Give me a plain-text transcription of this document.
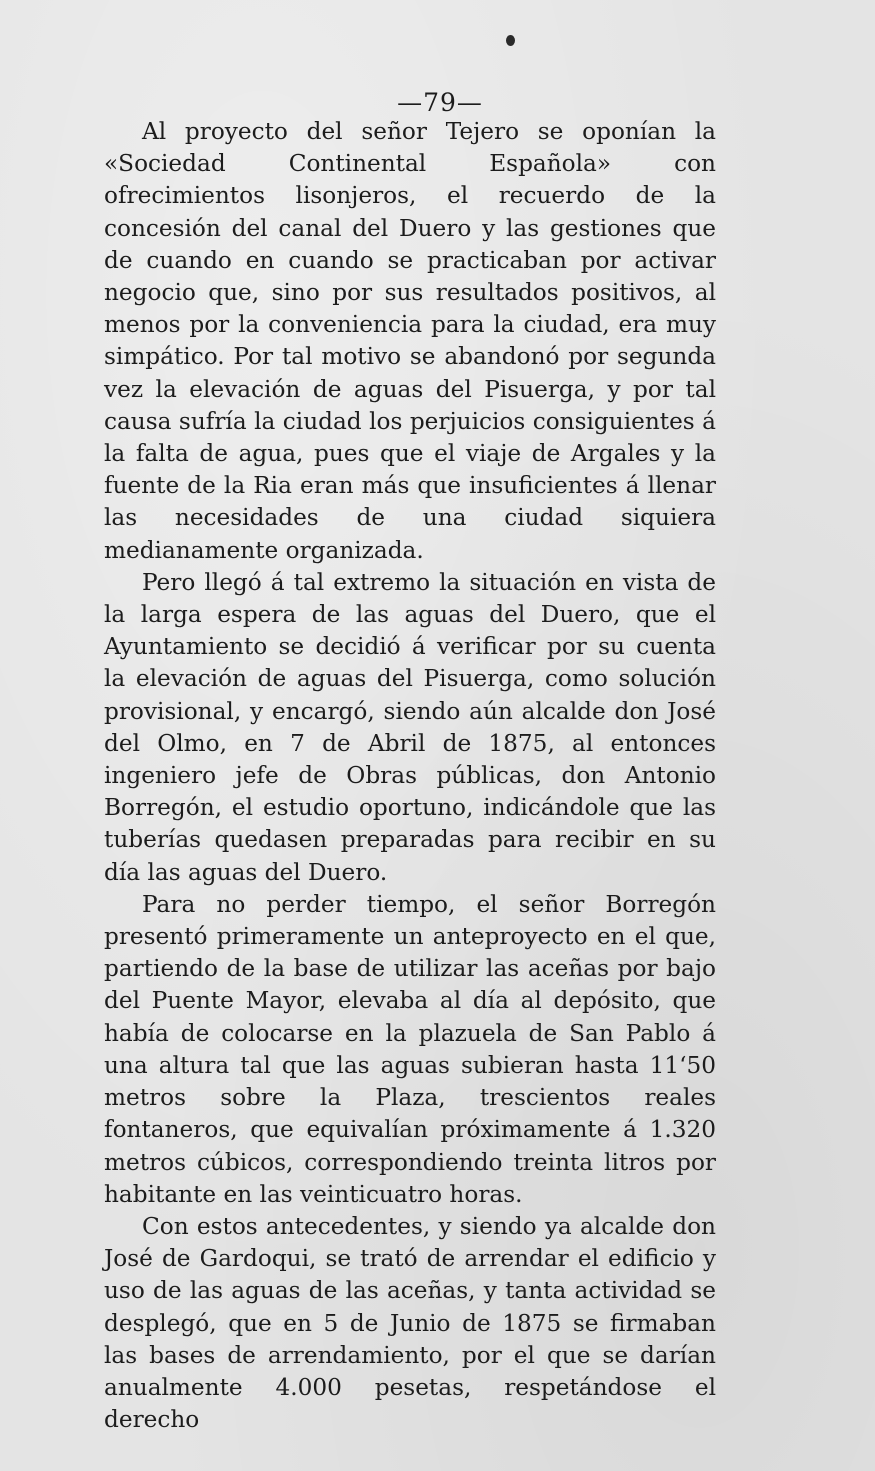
—79—

Al proyecto del señor Tejero se oponían la «Sociedad Continental Española» con ofrecimientos lisonjeros, el recuerdo de la concesión del canal del Duero y las gestiones que de cuando en cuando se practicaban por activar negocio que, sino por sus resultados positivos, al menos por la conveniencia para la ciudad, era muy simpático. Por tal motivo se abandonó por segunda vez la elevación de aguas del Pisuerga, y por tal causa sufría la ciudad los perjuicios consiguientes á la falta de agua, pues que el viaje de Argales y la fuente de la Ria eran más que insuficientes á llenar las necesidades de una ciudad siquiera medianamente organizada.

Pero llegó á tal extremo la situación en vista de la larga espera de las aguas del Duero, que el Ayuntamiento se decidió á verificar por su cuenta la elevación de aguas del Pisuerga, como solución provisional, y encargó, siendo aún alcalde don José del Olmo, en 7 de Abril de 1875, al entonces ingeniero jefe de Obras públicas, don Antonio Borregón, el estudio oportuno, indicándole que las tuberías quedasen preparadas para recibir en su día las aguas del Duero.

Para no perder tiempo, el señor Borregón presentó primeramente un anteproyecto en el que, partiendo de la base de utilizar las aceñas por bajo del Puente Mayor, elevaba al día al depósito, que había de colocarse en la plazuela de San Pablo á una altura tal que las aguas subieran hasta 11‘50 metros sobre la Plaza, trescientos reales fontaneros, que equivalían próximamente á 1.320 metros cúbicos, correspondiendo treinta litros por habitante en las veinticuatro horas.

Con estos antecedentes, y siendo ya alcalde don José de Gardoqui, se trató de arrendar el edificio y uso de las aguas de las aceñas, y tanta actividad se desplegó, que en 5 de Junio de 1875 se firmaban las bases de arrendamiento, por el que se darían anualmente 4.000 pesetas, respetándose el derecho
